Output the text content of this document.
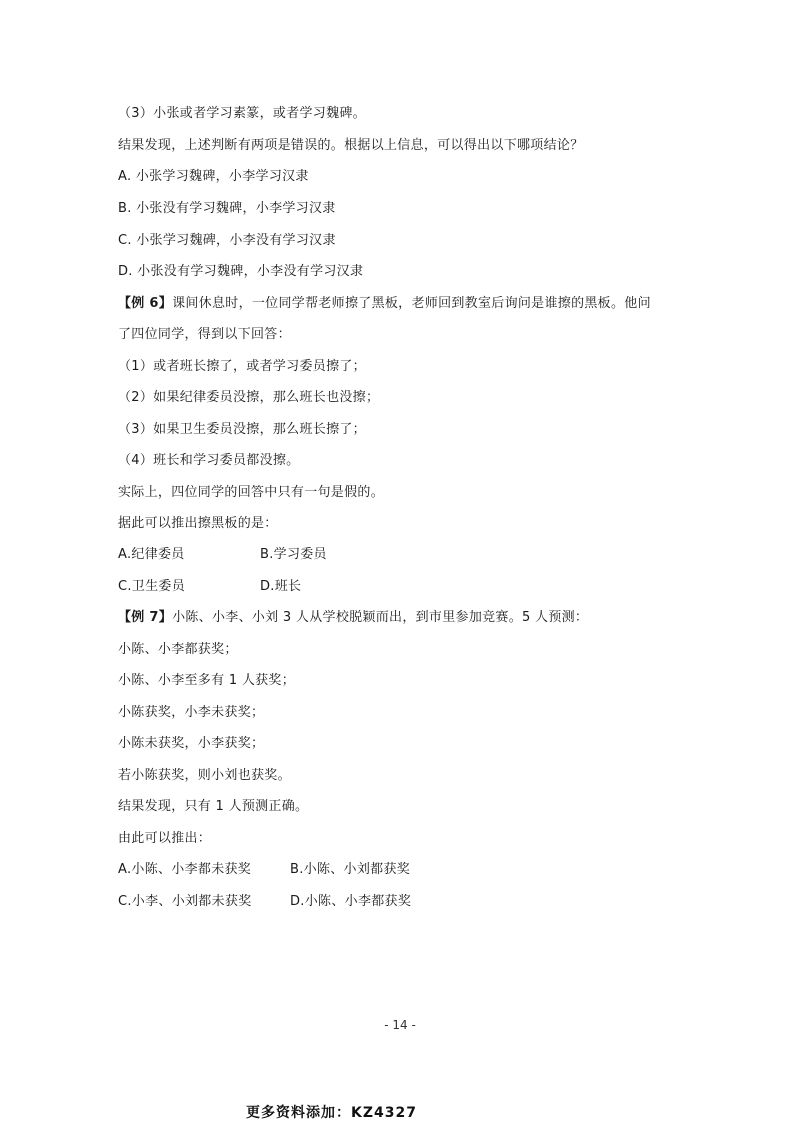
（3）小张或者学习素篆，或者学习魏碑。
结果发现，上述判断有两项是错误的。根据以上信息，可以得出以下哪项结论？
A. 小张学习魏碑，小李学习汉隶
B. 小张没有学习魏碑，小李学习汉隶
C. 小张学习魏碑，小李没有学习汉隶
D. 小张没有学习魏碑，小李没有学习汉隶
【例 6】课间休息时，一位同学帮老师擦了黑板，老师回到教室后询问是谁擦的黑板。他问
了四位同学，得到以下回答：
（1）或者班长擦了，或者学习委员擦了；
（2）如果纪律委员没擦，那么班长也没擦；
（3）如果卫生委员没擦，那么班长擦了；
（4）班长和学习委员都没擦。
实际上，四位同学的回答中只有一句是假的。
据此可以推出擦黑板的是：
A.纪律委员	B.学习委员
C.卫生委员	D.班长
【例 7】小陈、小李、小刘 3 人从学校脱颖而出，到市里参加竞赛。5 人预测：
小陈、小李都获奖；
小陈、小李至多有 1 人获奖；
小陈获奖，小李未获奖；
小陈未获奖，小李获奖；
若小陈获奖，则小刘也获奖。
结果发现，只有 1 人预测正确。
由此可以推出：
A.小陈、小李都未获奖	B.小陈、小刘都获奖
C.小李、小刘都未获奖	D.小陈、小李都获奖
- 14 -
更多资料添加：KZ4327
